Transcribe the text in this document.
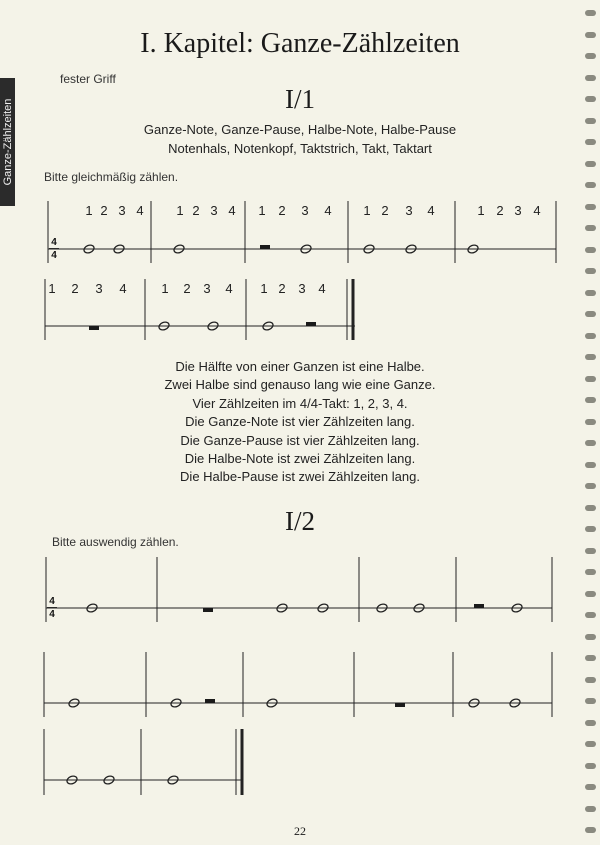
Ganze-Zählzeiten
I. Kapitel: Ganze-Zählzeiten
fester Griff
I/1
Ganze-Note, Ganze-Pause, Halbe-Note, Halbe-Pause
Notenhals, Notenkopf, Taktstrich, Takt, Taktart
Bitte gleichmäßig zählen.
4
4
4
4
1 2 3 4	1 2 3 4 1 2 3 4 1 2 3 4	1 2 3 4
1 2 3 4	1 2 3 4 1 2 3 4
Die Hälfte von einer Ganzen ist eine Halbe.
Zwei Halbe sind genauso lang wie eine Ganze.
Vier Zählzeiten im 4/4-Takt: 1, 2, 3, 4.
Die Ganze-Note ist vier Zählzeiten lang.
Die Ganze-Pause ist vier Zählzeiten lang.
Die Halbe-Note ist zwei Zählzeiten lang.
Die Halbe-Pause ist zwei Zählzeiten lang.
I/2
Bitte auswendig zählen.
22
